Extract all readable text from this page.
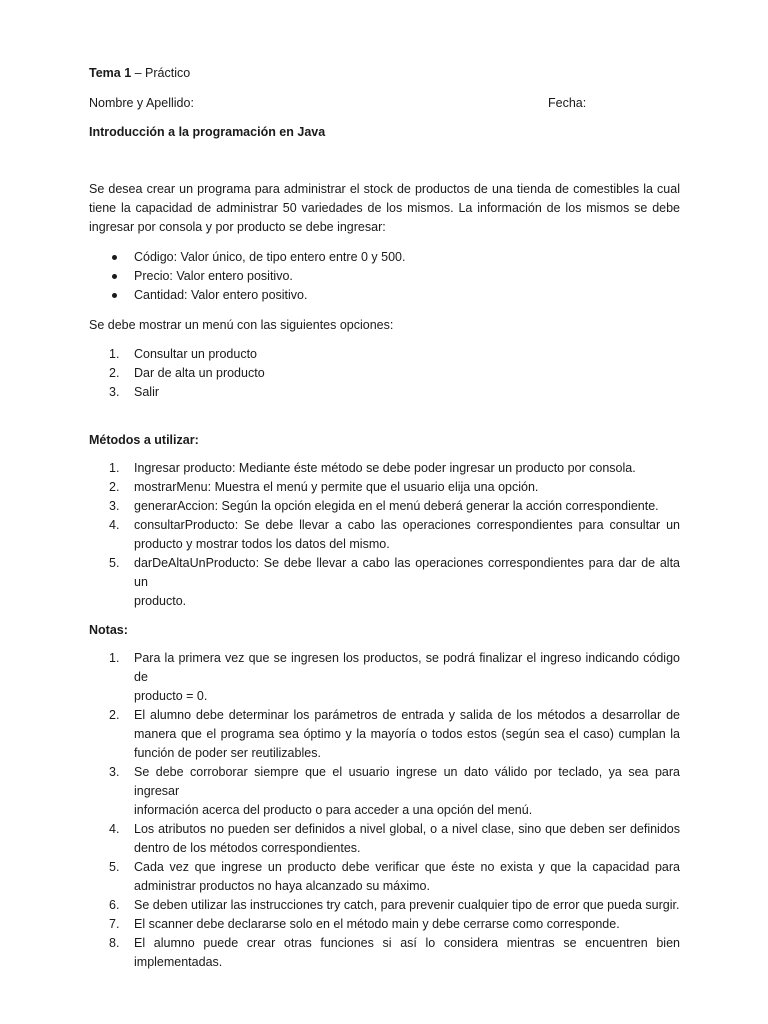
Tema 1 – Práctico
Nombre y Apellido:	Fecha:
Introducción a la programación en Java
Se desea crear un programa para administrar el stock de productos de una tienda de comestibles la cual
tiene la capacidad de administrar 50 variedades de los mismos. La información de los mismos se debe
ingresar por consola y por producto se debe ingresar:
Código: Valor único, de tipo entero entre 0 y 500.
Precio: Valor entero positivo.
Cantidad: Valor entero positivo.
Se debe mostrar un menú con las siguientes opciones:
1. Consultar un producto
2. Dar de alta un producto
3. Salir
Métodos a utilizar:
1. Ingresar producto: Mediante éste método se debe poder ingresar un producto por consola.
2. mostrarMenu: Muestra el menú y permite que el usuario elija una opción.
3. generarAccion: Según la opción elegida en el menú deberá generar la acción correspondiente.
4. consultarProducto: Se debe llevar a cabo las operaciones correspondientes para consultar un
producto y mostrar todos los datos del mismo.
5. darDeAltaUnProducto: Se debe llevar a cabo las operaciones correspondientes para dar de alta un
producto.
Notas:
1. Para la primera vez que se ingresen los productos, se podrá finalizar el ingreso indicando código de
producto = 0.
2. El alumno debe determinar los parámetros de entrada y salida de los métodos a desarrollar de
manera que el programa sea óptimo y la mayoría o todos estos (según sea el caso) cumplan la
función de poder ser reutilizables.
3. Se debe corroborar siempre que el usuario ingrese un dato válido por teclado, ya sea para ingresar
información acerca del producto o para acceder a una opción del menú.
4. Los atributos no pueden ser definidos a nivel global, o a nivel clase, sino que deben ser definidos
dentro de los métodos correspondientes.
5. Cada vez que ingrese un producto debe verificar que éste no exista y que la capacidad para
administrar productos no haya alcanzado su máximo.
6. Se deben utilizar las instrucciones try catch, para prevenir cualquier tipo de error que pueda surgir.
7. El scanner debe declararse solo en el método main y debe cerrarse como corresponde.
8. El alumno puede crear otras funciones si así lo considera mientras se encuentren bien
implementadas.
